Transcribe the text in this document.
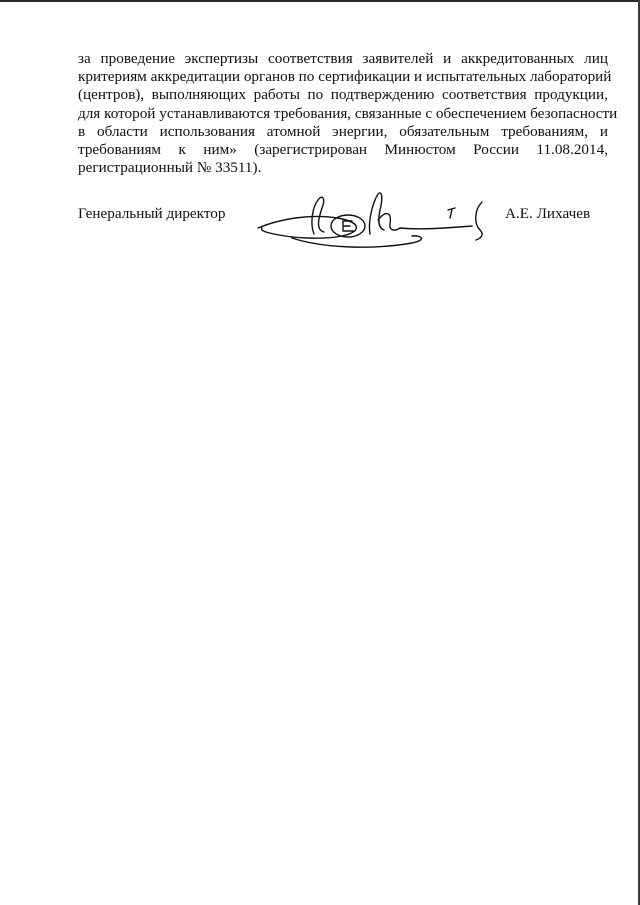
за проведение экспертизы соответствия заявителей и аккредитованных лиц
критериям аккредитации органов по сертификации и испытательных лабораторий
(центров), выполняющих работы по подтверждению соответствия продукции,
для которой устанавливаются требования, связанные с обеспечением безопасности
в области использования атомной энергии, обязательным требованиям, и
требованиям к ним» (зарегистрирован Минюстом России 11.08.2014,
регистрационный № 33511).

Генеральный директор	А.Е. Лихачев
